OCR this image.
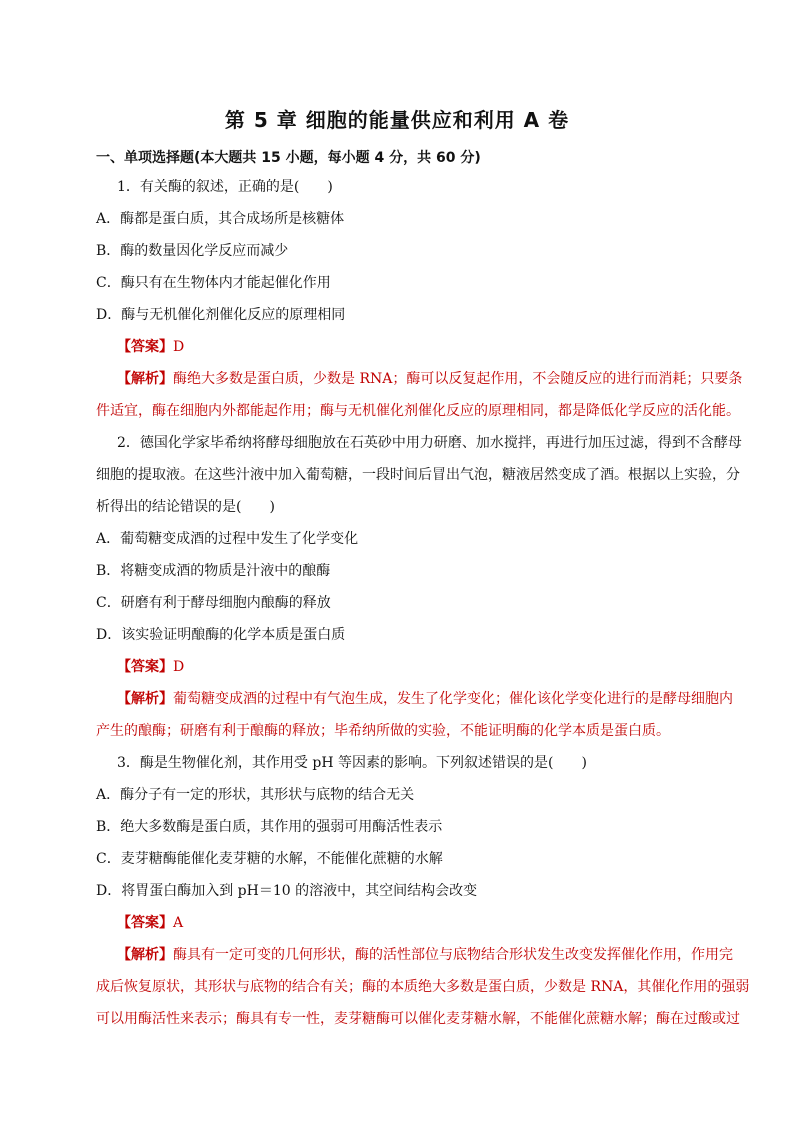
第 5 章 细胞的能量供应和利用 A 卷
一、单项选择题(本大题共 15 小题，每小题 4 分，共 60 分)
1．有关酶的叙述，正确的是(　　)
A．酶都是蛋白质，其合成场所是核糖体
B．酶的数量因化学反应而减少
C．酶只有在生物体内才能起催化作用
D．酶与无机催化剂催化反应的原理相同
【答案】D
【解析】酶绝大多数是蛋白质，少数是 RNA；酶可以反复起作用，不会随反应的进行而消耗；只要条
件适宜，酶在细胞内外都能起作用；酶与无机催化剂催化反应的原理相同，都是降低化学反应的活化能。
2．德国化学家毕希纳将酵母细胞放在石英砂中用力研磨、加水搅拌，再进行加压过滤，得到不含酵母
细胞的提取液。在这些汁液中加入葡萄糖，一段时间后冒出气泡，糖液居然变成了酒。根据以上实验，分
析得出的结论错误的是(　　)
A．葡萄糖变成酒的过程中发生了化学变化
B．将糖变成酒的物质是汁液中的酿酶
C．研磨有利于酵母细胞内酿酶的释放
D．该实验证明酿酶的化学本质是蛋白质
【答案】D
【解析】葡萄糖变成酒的过程中有气泡生成，发生了化学变化；催化该化学变化进行的是酵母细胞内
产生的酿酶；研磨有利于酿酶的释放；毕希纳所做的实验，不能证明酶的化学本质是蛋白质。
3．酶是生物催化剂，其作用受 pH 等因素的影响。下列叙述错误的是(　　)
A．酶分子有一定的形状，其形状与底物的结合无关
B．绝大多数酶是蛋白质，其作用的强弱可用酶活性表示
C．麦芽糖酶能催化麦芽糖的水解，不能催化蔗糖的水解
D．将胃蛋白酶加入到 pH＝10 的溶液中，其空间结构会改变
【答案】A
【解析】酶具有一定可变的几何形状，酶的活性部位与底物结合形状发生改变发挥催化作用，作用完
成后恢复原状，其形状与底物的结合有关；酶的本质绝大多数是蛋白质，少数是 RNA，其催化作用的强弱
可以用酶活性来表示；酶具有专一性，麦芽糖酶可以催化麦芽糖水解，不能催化蔗糖水解；酶在过酸或过
